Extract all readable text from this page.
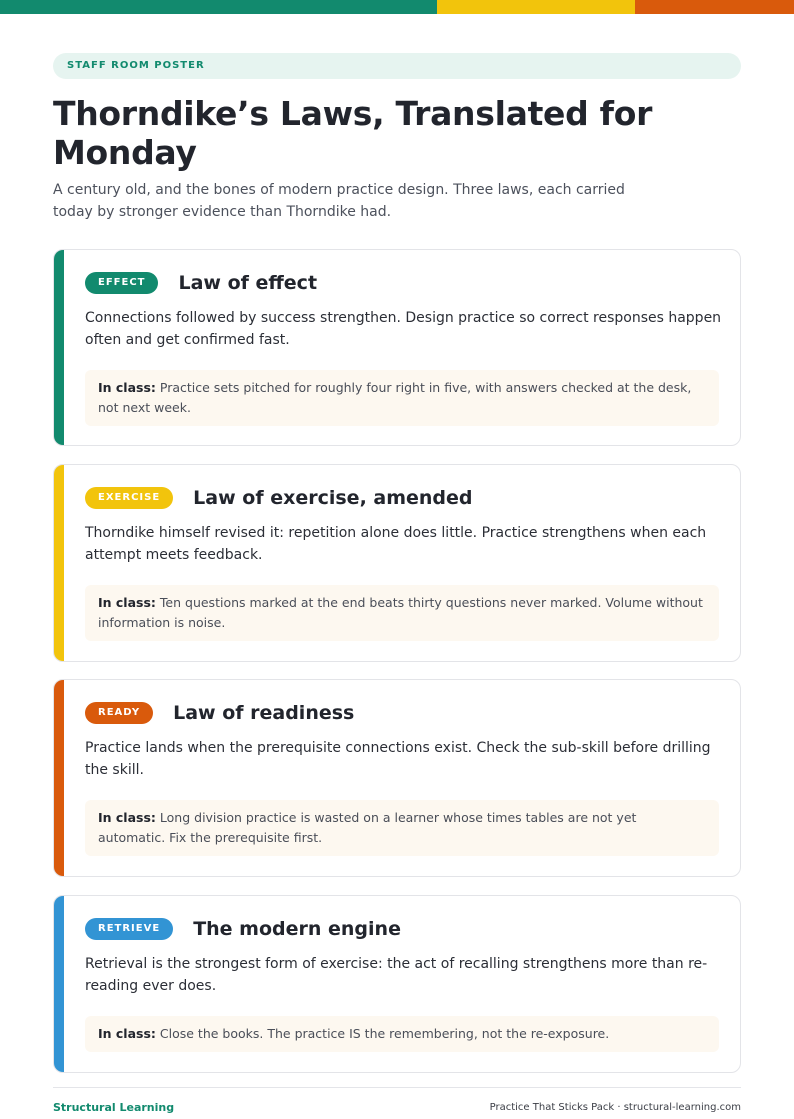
STAFF ROOM POSTER
Thorndike’s Laws, Translated for Monday

A century old, and the bones of modern practice design. Three laws, each carried today by stronger evidence than Thorndike had.

EFFECT	Law of effect

Connections followed by success strengthen. Design practice so correct responses happen often and get confirmed fast.

In class: Practice sets pitched for roughly four right in five, with answers checked at the desk, not next week.
EXERCISE	Law of exercise, amended

Thorndike himself revised it: repetition alone does little. Practice strengthens when each attempt meets feedback.

In class: Ten questions marked at the end beats thirty questions never marked. Volume without information is noise.
READY	Law of readiness

Practice lands when the prerequisite connections exist. Check the sub-skill before drilling the skill.

In class: Long division practice is wasted on a learner whose times tables are not yet automatic. Fix the prerequisite first.
RETRIEVE	The modern engine

Retrieval is the strongest form of exercise: the act of recalling strengthens more than re-reading ever does.

In class: Close the books. The practice IS the remembering, not the re-exposure.
Structural Learning	Practice That Sticks Pack · structural-learning.com
